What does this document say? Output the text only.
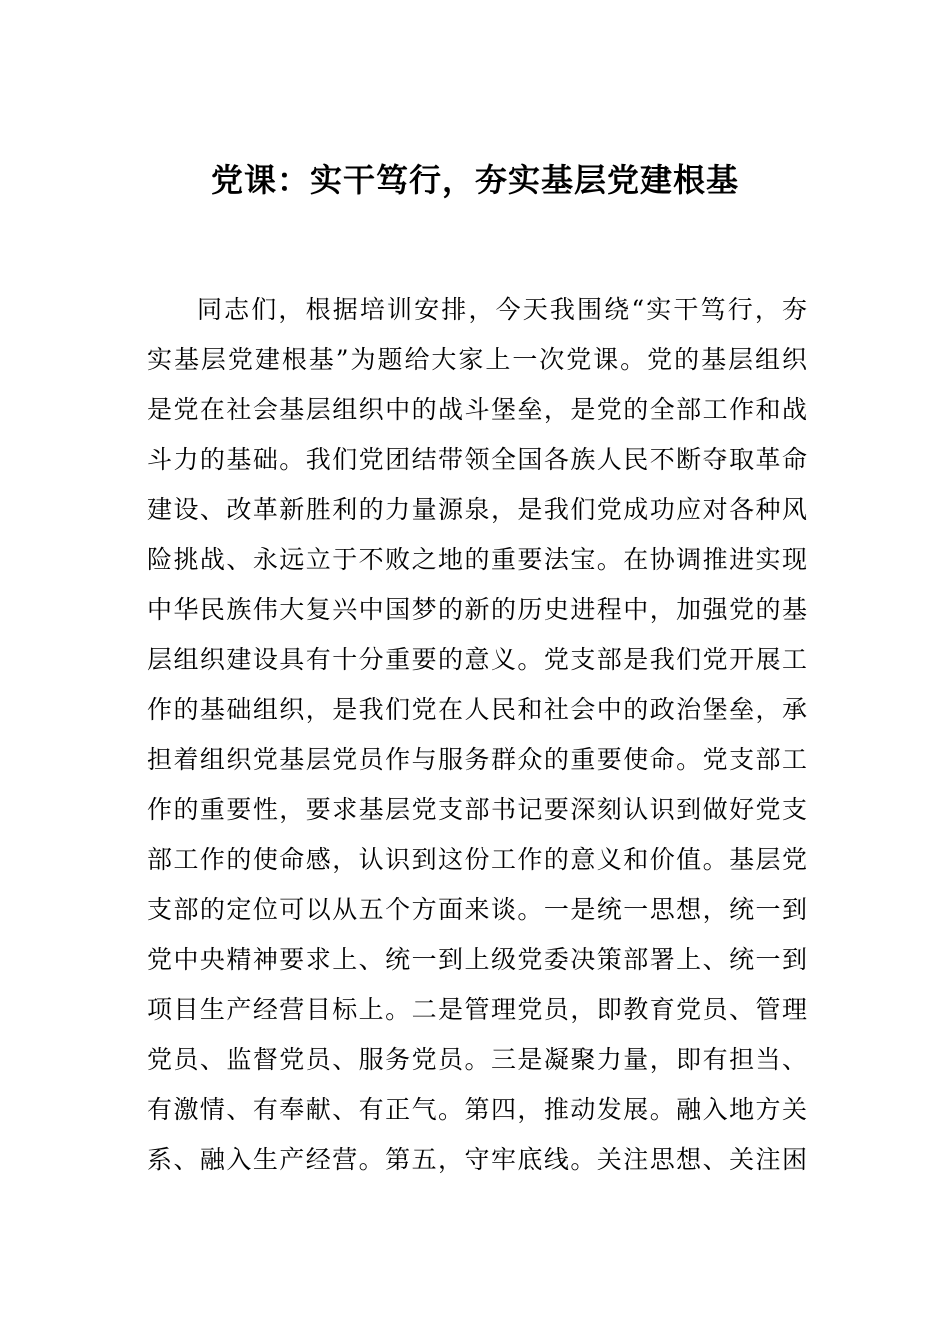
党课：实干笃行，夯实基层党建根基
同志们，根据培训安排，今天我围绕“实干笃行，夯
实基层党建根基”为题给大家上一次党课。党的基层组织
是党在社会基层组织中的战斗堡垒，是党的全部工作和战
斗力的基础。我们党团结带领全国各族人民不断夺取革命
建设、改革新胜利的力量源泉，是我们党成功应对各种风
险挑战、永远立于不败之地的重要法宝。在协调推进实现
中华民族伟大复兴中国梦的新的历史进程中，加强党的基
层组织建设具有十分重要的意义。党支部是我们党开展工
作的基础组织，是我们党在人民和社会中的政治堡垒，承
担着组织党基层党员作与服务群众的重要使命。党支部工
作的重要性，要求基层党支部书记要深刻认识到做好党支
部工作的使命感，认识到这份工作的意义和价值。基层党
支部的定位可以从五个方面来谈。一是统一思想，统一到
党中央精神要求上、统一到上级党委决策部署上、统一到
项目生产经营目标上。二是管理党员，即教育党员、管理
党员、监督党员、服务党员。三是凝聚力量，即有担当、
有激情、有奉献、有正气。第四，推动发展。融入地方关
系、融入生产经营。第五，守牢底线。关注思想、关注困
